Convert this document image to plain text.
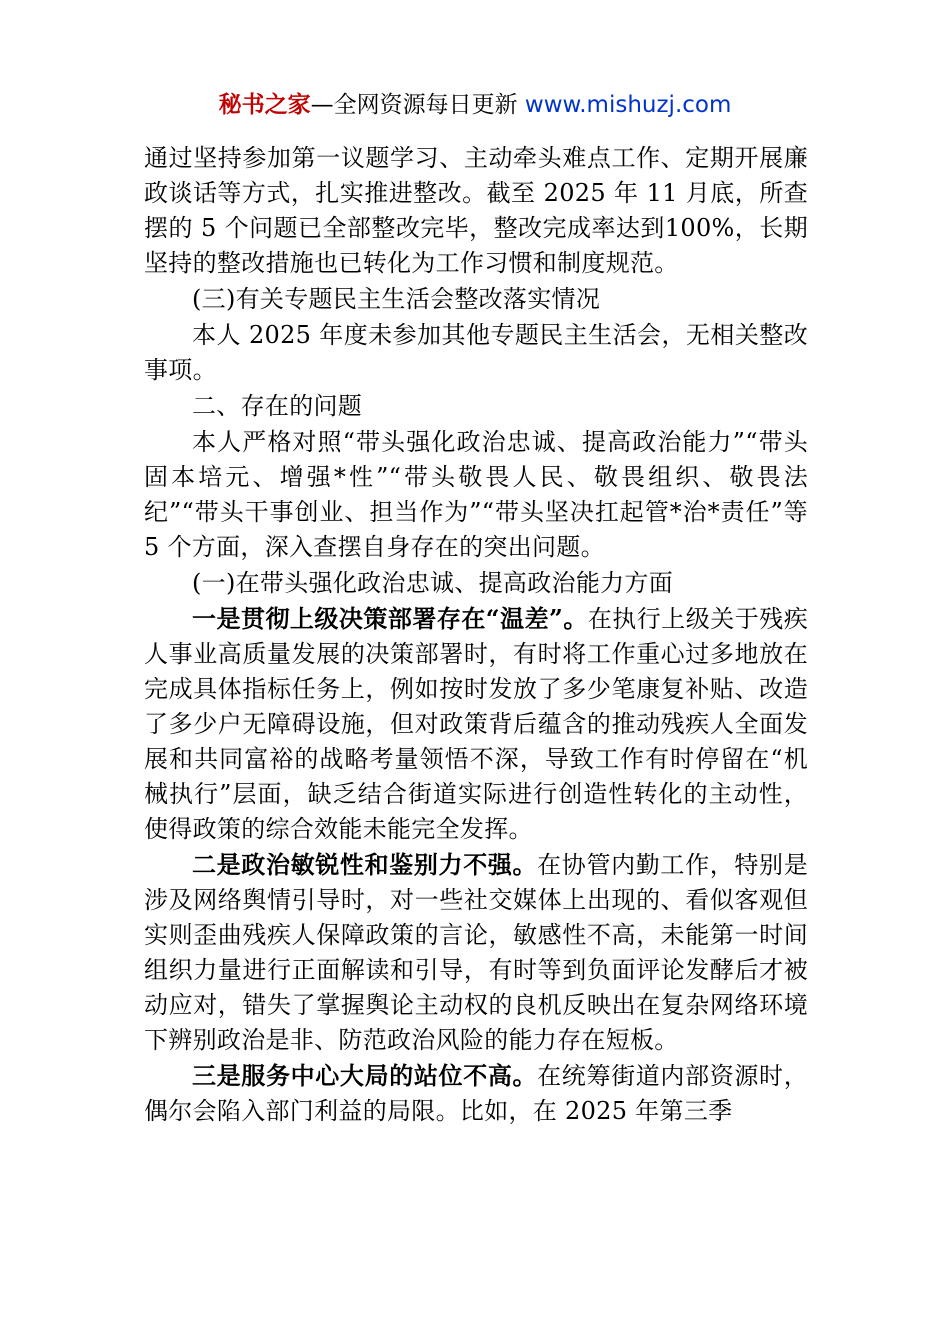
秘书之家—全网资源每日更新 www.mishuzj.com

通过坚持参加第一议题学习、主动牵头难点工作、定期开展廉政谈话等方式，扎实推进整改。截至 2025 年 11 月底，所查摆的 5 个问题已全部整改完毕，整改完成率达到100%，长期坚持的整改措施也已转化为工作习惯和制度规范。

(三)有关专题民主生活会整改落实情况

本人 2025 年度未参加其他专题民主生活会，无相关整改事项。

二、存在的问题

本人严格对照“带头强化政治忠诚、提高政治能力”“带头固本培元、增强*性”“带头敬畏人民、敬畏组织、敬畏法纪”“带头干事创业、担当作为”“带头坚决扛起管*治*责任”等 5 个方面，深入查摆自身存在的突出问题。

(一)在带头强化政治忠诚、提高政治能力方面

一是贯彻上级决策部署存在“温差”。在执行上级关于残疾人事业高质量发展的决策部署时，有时将工作重心过多地放在完成具体指标任务上，例如按时发放了多少笔康复补贴、改造了多少户无障碍设施，但对政策背后蕴含的推动残疾人全面发展和共同富裕的战略考量领悟不深，导致工作有时停留在“机械执行”层面，缺乏结合街道实际进行创造性转化的主动性，使得政策的综合效能未能完全发挥。

二是政治敏锐性和鉴别力不强。在协管内勤工作，特别是涉及网络舆情引导时，对一些社交媒体上出现的、看似客观但实则歪曲残疾人保障政策的言论，敏感性不高，未能第一时间组织力量进行正面解读和引导，有时等到负面评论发酵后才被动应对，错失了掌握舆论主动权的良机反映出在复杂网络环境下辨别政治是非、防范政治风险的能力存在短板。

三是服务中心大局的站位不高。在统筹街道内部资源时，偶尔会陷入部门利益的局限。比如，在 2025 年第三季
